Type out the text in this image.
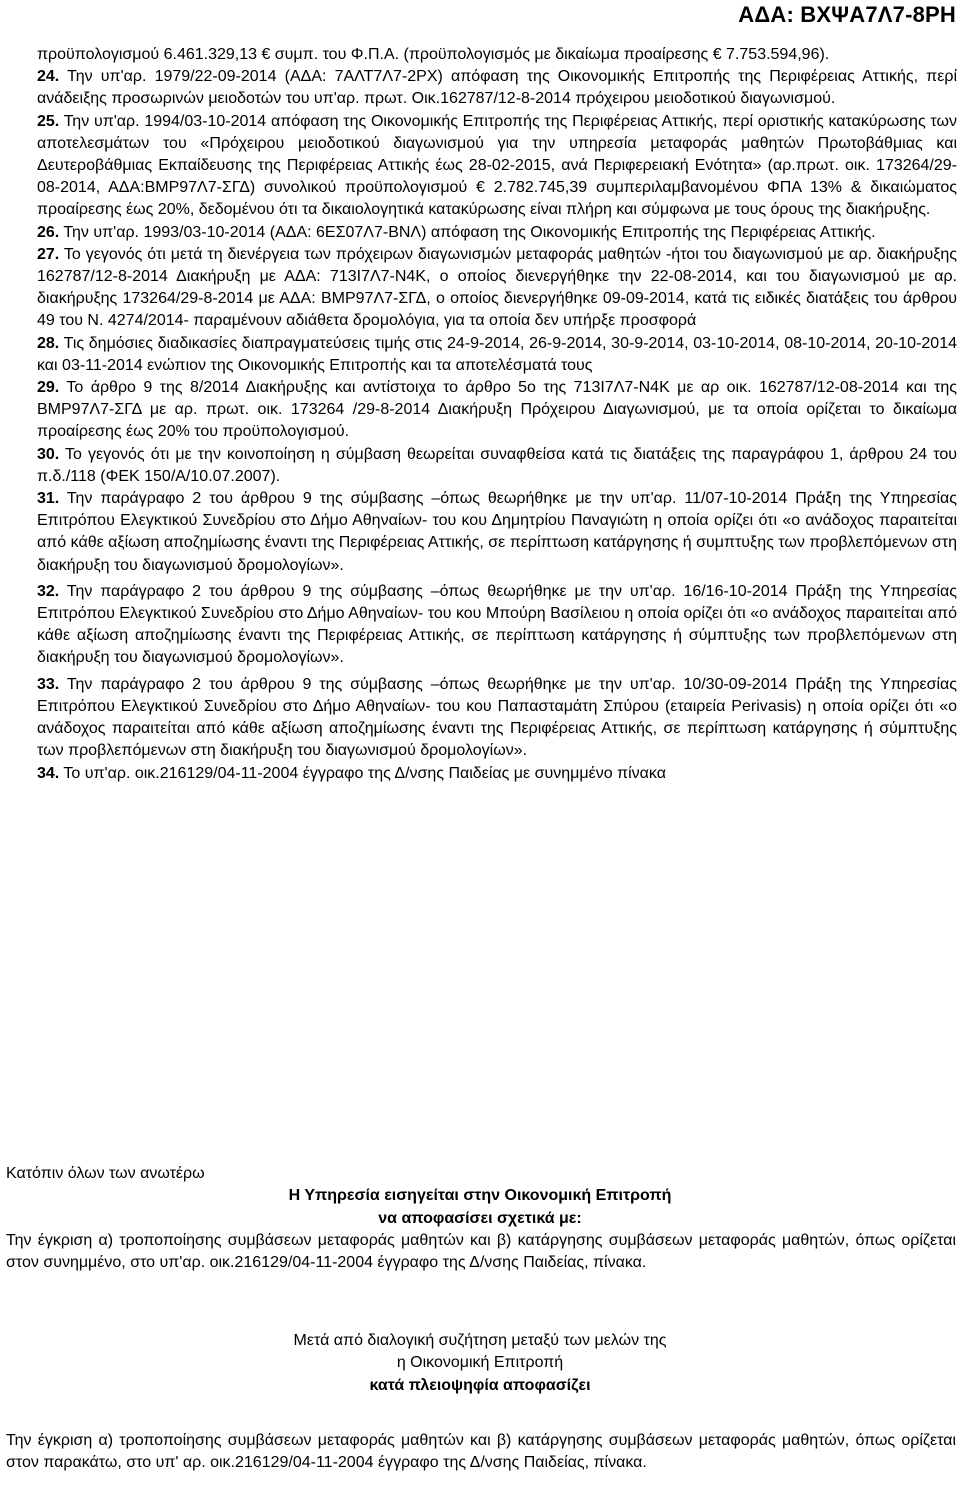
ΑΔΑ: ΒΧΨΑ7Λ7-8ΡΗ

προϋπολογισμού 6.461.329,13 € συμπ. του Φ.Π.Α. (προϋπολογισμός με δικαίωμα προαίρεσης € 7.753.594,96).

24. Την υπ'αρ. 1979/22-09-2014 (ΑΔΑ: 7ΑΛΤ7Λ7-2ΡΧ) απόφαση της Οικονομικής Επιτροπής της Περιφέρειας Αττικής, περί ανάδειξης προσωρινών μειοδοτών του υπ'αρ. πρωτ. Οικ.162787/12-8-2014 πρόχειρου μειοδοτικού διαγωνισμού.

25. Την υπ'αρ. 1994/03-10-2014 απόφαση της Οικονομικής Επιτροπής της Περιφέρειας Αττικής, περί οριστικής κατακύρωσης των αποτελεσμάτων του «Πρόχειρου μειοδοτικού διαγωνισμού για την υπηρεσία μεταφοράς μαθητών Πρωτοβάθμιας και Δευτεροβάθμιας Εκπαίδευσης της Περιφέρειας Αττικής έως 28-02-2015, ανά Περιφερειακή Ενότητα» (αρ.πρωτ. οικ. 173264/29-08-2014, ΑΔΑ:ΒΜΡ97Λ7-ΣΓΔ) συνολικού προϋπολογισμού € 2.782.745,39 συμπεριλαμβανομένου ΦΠΑ 13% & δικαιώματος προαίρεσης έως 20%, δεδομένου ότι τα δικαιολογητικά κατακύρωσης είναι πλήρη και σύμφωνα με τους όρους της διακήρυξης.

26. Την υπ'αρ. 1993/03-10-2014 (ΑΔΑ: 6ΕΣ07Λ7-ΒΝΛ) απόφαση της Οικονομικής Επιτροπής της Περιφέρειας Αττικής.

27. Το γεγονός ότι μετά τη διενέργεια των πρόχειρων διαγωνισμών μεταφοράς μαθητών -ήτοι του διαγωνισμού με αρ. διακήρυξης 162787/12-8-2014 Διακήρυξη με ΑΔΑ: 713Ι7Λ7-Ν4Κ, ο οποίος διενεργήθηκε την 22-08-2014, και του διαγωνισμού με αρ. διακήρυξης 173264/29-8-2014 με ΑΔΑ: ΒΜΡ97Λ7-ΣΓΔ, ο οποίος διενεργήθηκε 09-09-2014, κατά τις ειδικές διατάξεις του άρθρου 49 του Ν. 4274/2014- παραμένουν αδιάθετα δρομολόγια, για τα οποία δεν υπήρξε προσφορά

28. Τις δημόσιες διαδικασίες διαπραγματεύσεις τιμής στις 24-9-2014, 26-9-2014, 30-9-2014, 03-10-2014, 08-10-2014, 20-10-2014 και 03-11-2014 ενώπιον της Οικονομικής Επιτροπής και τα αποτελέσματά τους

29. Το άρθρο 9 της 8/2014 Διακήρυξης και αντίστοιχα το άρθρο 5ο της 713Ι7Λ7-Ν4Κ με αρ οικ. 162787/12-08-2014 και της ΒΜΡ97Λ7-ΣΓΔ με αρ. πρωτ. οικ. 173264 /29-8-2014 Διακήρυξη Πρόχειρου Διαγωνισμού, με τα οποία ορίζεται το δικαίωμα προαίρεσης έως 20% του προϋπολογισμού.

30. Το γεγονός ότι με την κοινοποίηση η σύμβαση θεωρείται συναφθείσα κατά τις διατάξεις της παραγράφου 1, άρθρου 24 του π.δ./118 (ΦΕΚ 150/Α/10.07.2007).

31. Την παράγραφο 2 του άρθρου 9 της σύμβασης –όπως θεωρήθηκε με την υπ'αρ. 11/07-10-2014 Πράξη της Υπηρεσίας Επιτρόπου Ελεγκτικού Συνεδρίου στο Δήμο Αθηναίων- του κου Δημητρίου Παναγιώτη η οποία ορίζει ότι «ο ανάδοχος παραιτείται από κάθε αξίωση αποζημίωσης έναντι της Περιφέρειας Αττικής, σε περίπτωση κατάργησης ή συμπτυξης των προβλεπόμενων στη διακήρυξη του διαγωνισμού δρομολογίων».

32. Την παράγραφο 2 του άρθρου 9 της σύμβασης –όπως θεωρήθηκε με την υπ'αρ. 16/16-10-2014 Πράξη της Υπηρεσίας Επιτρόπου Ελεγκτικού Συνεδρίου στο Δήμο Αθηναίων- του κου Μπούρη Βασίλειου η οποία ορίζει ότι «ο ανάδοχος παραιτείται από κάθε αξίωση αποζημίωσης έναντι της Περιφέρειας Αττικής, σε περίπτωση κατάργησης ή σύμπτυξης των προβλεπόμενων στη διακήρυξη του διαγωνισμού δρομολογίων».

33. Την παράγραφο 2 του άρθρου 9 της σύμβασης –όπως θεωρήθηκε με την υπ'αρ. 10/30-09-2014 Πράξη της Υπηρεσίας Επιτρόπου Ελεγκτικού Συνεδρίου στο Δήμο Αθηναίων- του κου Παπασταμάτη Σπύρου (εταιρεία Perivasis) η οποία ορίζει ότι «ο ανάδοχος παραιτείται από κάθε αξίωση αποζημίωσης έναντι της Περιφέρειας Αττικής, σε περίπτωση κατάργησης ή σύμπτυξης των προβλεπόμενων στη διακήρυξη του διαγωνισμού δρομολογίων».

34. Το υπ'αρ. οικ.216129/04-11-2004 έγγραφο της Δ/νσης Παιδείας με συνημμένο πίνακα

Κατόπιν όλων των ανωτέρω
Η Υπηρεσία εισηγείται στην Οικονομική Επιτροπή
να αποφασίσει σχετικά με:
Την έγκριση α) τροποποίησης συμβάσεων μεταφοράς μαθητών και β) κατάργησης συμβάσεων μεταφοράς μαθητών, όπως ορίζεται στον συνημμένο, στο υπ'αρ. οικ.216129/04-11-2004 έγγραφο της Δ/νσης Παιδείας, πίνακα.
Μετά από διαλογική συζήτηση μεταξύ των μελών της
η Οικονομική Επιτροπή
κατά πλειοψηφία αποφασίζει
Την έγκριση α) τροποποίησης συμβάσεων μεταφοράς μαθητών και β) κατάργησης συμβάσεων μεταφοράς μαθητών, όπως ορίζεται στον παρακάτω, στο υπ' αρ. οικ.216129/04-11-2004 έγγραφο της Δ/νσης Παιδείας, πίνακα.
